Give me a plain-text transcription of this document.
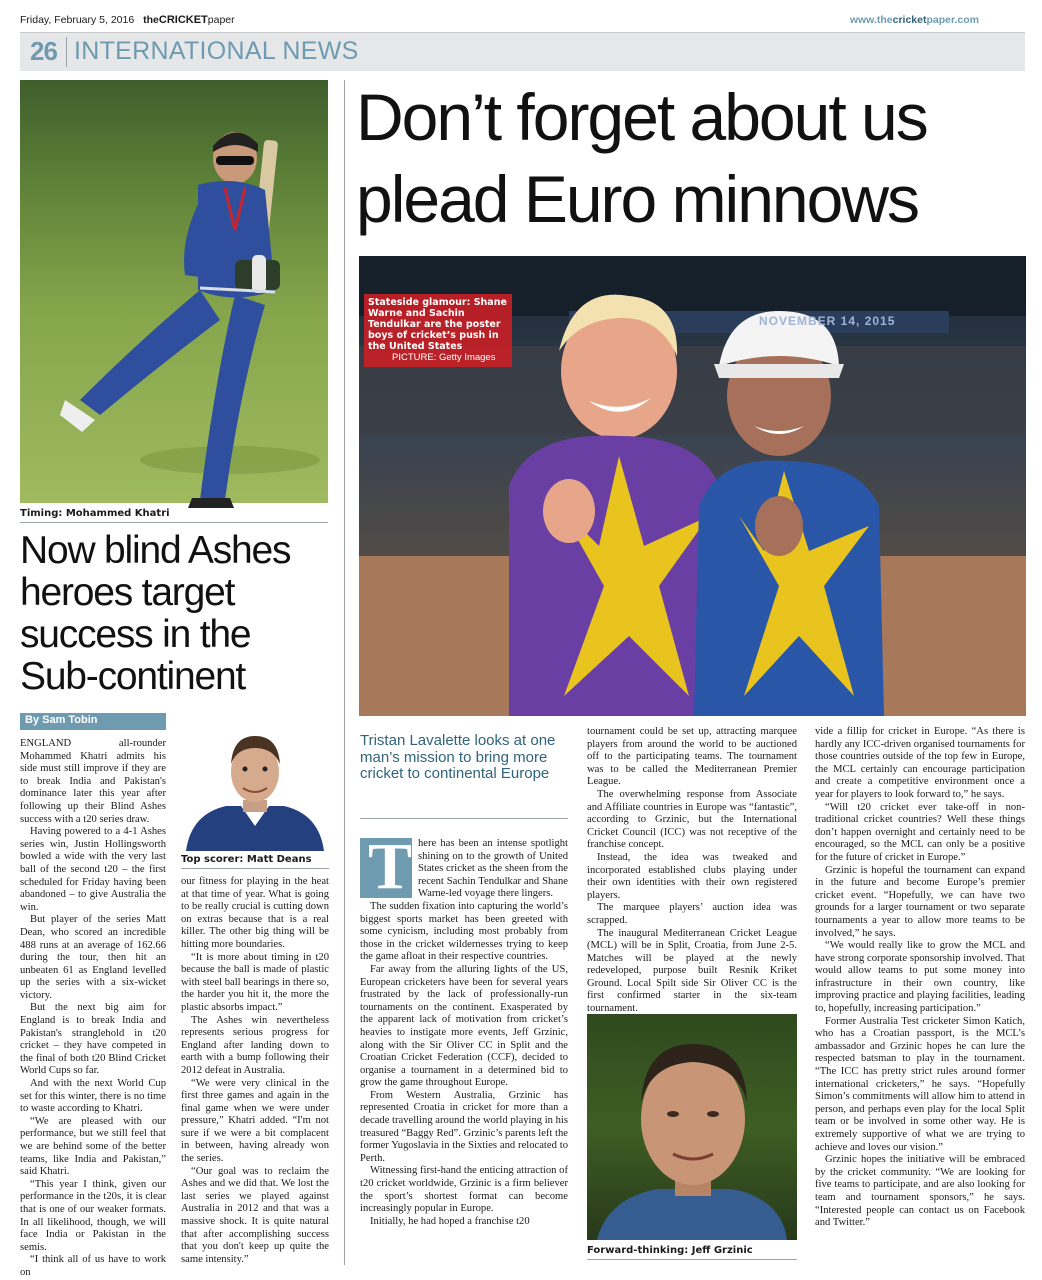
Friday, February 5, 2016 theCRICKETpaper	www.thecricketpaper.com
26 INTERNATIONAL NEWS
Timing: Mohammed Khatri
Now blind Ashes heroes target success in the Sub-continent
By Sam Tobin
Top scorer: Matt Deans

ENGLAND all-rounder Mohammed Khatri admits his side must still improve if they are to break India and Pakistan's dominance later this year after following up their Blind Ashes success with a t20 series draw.

Having powered to a 4-1 Ashes series win, Justin Hollingsworth bowled a wide with the very last ball of the second t20 – the first scheduled for Friday having been abandoned – to give Australia the win.

But player of the series Matt Dean, who scored an incredible 488 runs at an average of 162.66 during the tour, then hit an unbeaten 61 as England levelled up the series with a six-wicket victory.

But the next big aim for England is to break India and Pakistan's stranglehold in t20 cricket – they have competed in the final of both t20 Blind Cricket World Cups so far.

And with the next World Cup set for this winter, there is no time to waste according to Khatri.

“We are pleased with our performance, but we still feel that we are behind some of the better teams, like India and Pakistan,” said Khatri.

“This year I think, given our performance in the t20s, it is clear that is one of our weaker formats. In all likelihood, though, we will face India or Pakistan in the semis.

“I think all of us have to work on

our fitness for playing in the heat at that time of year. What is going to be really crucial is cutting down on extras because that is a real killer. The other big thing will be hitting more boundaries.

“It is more about timing in t20 because the ball is made of plastic with steel ball bearings in there so, the harder you hit it, the more the plastic absorbs impact.”

The Ashes win nevertheless represents serious progress for England after landing down to earth with a bump following their 2012 defeat in Australia.

“We were very clinical in the first three games and again in the final game when we were under pressure,” Khatri added. “I'm not sure if we were a bit complacent in between, having already won the series.

“Our goal was to reclaim the Ashes and we did that. We lost the last series we played against Australia in 2012 and that was a massive shock. It is quite natural that after accomplishing success that you don't keep up quite the same intensity.”

Don’t forget about us
plead Euro minnows
NOVEMBER 14, 2015
Stateside glamour: Shane Warne and Sachin Tendulkar are the poster boys of cricket’s push in the United States
PICTURE: Getty Images
Tristan Lavalette looks at one man’s mission to bring more cricket to continental Europe
T here has been an intense spotlight shining on to the growth of United States cricket as the sheen from the recent Sachin Tendulkar and Shane Warne-led voyage there lingers.

The sudden fixation into capturing the world’s biggest sports market has been greeted with some cynicism, including most probably from those in the cricket wildernesses trying to keep the game afloat in their respective countries.

Far away from the alluring lights of the US, European cricketers have been for several years frustrated by the lack of professionally-run tournaments on the continent. Exasperated by the apparent lack of motivation from cricket’s heavies to instigate more events, Jeff Grzinic, along with the Sir Oliver CC in Split and the Croatian Cricket Federation (CCF), decided to organise a tournament in a determined bid to grow the game throughout Europe.

From Western Australia, Grzinic has represented Croatia in cricket for more than a decade travelling around the world playing in his treasured “Baggy Red”. Grzinic’s parents left the former Yugoslavia in the Sixties and relocated to Perth.

Witnessing first-hand the enticing attraction of t20 cricket worldwide, Grzinic is a firm believer the sport’s shortest format can become increasingly popular in Europe.

Initially, he had hoped a franchise t20

tournament could be set up, attracting marquee players from around the world to be auctioned off to the participating teams. The tournament was to be called the Mediterranean Premier League.

The overwhelming response from Associate and Affiliate countries in Europe was “fantastic”, according to Grzinic, but the International Cricket Council (ICC) was not receptive of the franchise concept.

Instead, the idea was tweaked and incorporated established clubs playing under their own identities with their own registered players.

The marquee players’ auction idea was scrapped.

The inaugural Mediterranean Cricket League (MCL) will be in Split, Croatia, from June 2-5. Matches will be played at the newly redeveloped, purpose built Resnik Kriket Ground. Local Spilt side Sir Oliver CC is the first confirmed starter in the six-team tournament.

Forward-thinking: Jeff Grzinic

vide a fillip for cricket in Europe. “As there is hardly any ICC-driven organised tournaments for those countries outside of the top few in Europe, the MCL certainly can encourage participation and create a competitive environment once a year for players to look forward to,” he says.

“Will t20 cricket ever take-off in non-traditional cricket countries? Well these things don’t happen overnight and certainly need to be encouraged, so the MCL can only be a positive for the future of cricket in Europe.”

Grzinic is hopeful the tournament can expand in the future and become Europe’s premier cricket event. “Hopefully, we can have two grounds for a larger tournament or two separate tournaments a year to allow more teams to be involved,” he says.

“We would really like to grow the MCL and have strong corporate sponsorship involved. That would allow teams to put some money into infrastructure in their own country, like improving practice and playing facilities, leading to, hopefully, increasing participation.”

Former Australia Test cricketer Simon Katich, who has a Croatian passport, is the MCL’s ambassador and Grzinic hopes he can lure the respected batsman to play in the tournament. “The ICC has pretty strict rules around former international cricketers,” he says. “Hopefully Simon’s commitments will allow him to attend in person, and perhaps even play for the local Split team or be involved in some other way. He is extremely supportive of what we are trying to achieve and loves our vision.”

Grzinic hopes the initiative will be embraced by the cricket community. “We are looking for five teams to participate, and are also looking for team and tournament sponsors,” he says. “Interested people can contact us on Facebook and Twitter.”
